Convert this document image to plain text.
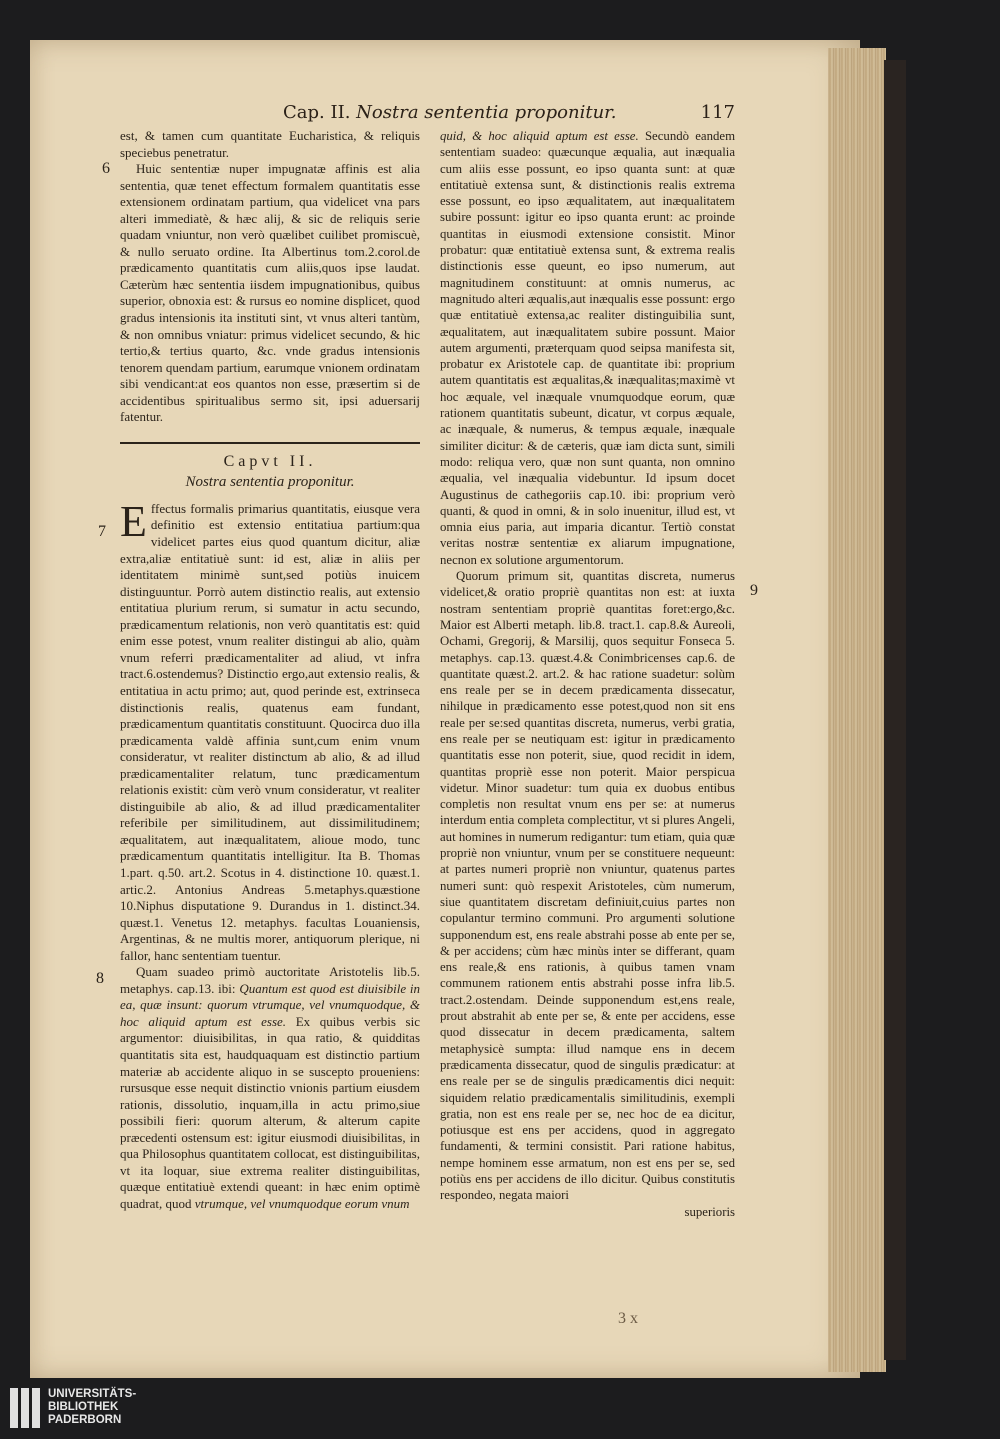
Cap. II. Nostra sententia proponitur.	117
6
7
8
9

est, & tamen cum quantitate Eucharistica, & reliquis speciebus penetratur.

Huic sententiæ nuper impugnatæ affinis est alia sententia, quæ tenet effectum formalem quantitatis esse extensionem ordinatam partium, qua videlicet vna pars alteri immediatè, & hæc alij, & sic de reliquis serie quadam vniuntur, non verò quælibet cuilibet promiscuè, & nullo seruato ordine. Ita Albertinus tom.2.corol.de prædicamento quantitatis cum aliis,quos ipse laudat. Cæterùm hæc sententia iisdem impugnationibus, quibus superior, obnoxia est: & rursus eo nomine displicet, quod gradus intensionis ita instituti sint, vt vnus alteri tantùm, & non omnibus vniatur: primus videlicet secundo, & hic tertio,& tertius quarto, &c. vnde gradus intensionis tenorem quendam partium, earumque vnionem ordinatam sibi vendicant:at eos quantos non esse, præsertim si de accidentibus spiritualibus sermo sit, ipsi aduersarij fatentur.

Capvt II.
Nostra sententia proponitur.

Effectus formalis primarius quantitatis, eiusque vera definitio est extensio entitatiua partium:qua videlicet partes eius quod quantum dicitur, aliæ extra,aliæ entitatiuè sunt: id est, aliæ in aliis per identitatem minimè sunt,sed potiùs inuicem distinguuntur. Porrò autem distinctio realis, aut extensio entitatiua plurium rerum, si sumatur in actu secundo, prædicamentum relationis, non verò quantitatis est: quid enim esse potest, vnum realiter distingui ab alio, quàm vnum referri prædicamentaliter ad aliud, vt infra tract.6.ostendemus? Distinctio ergo,aut extensio realis, & entitatiua in actu primo; aut, quod perinde est, extrinseca distinctionis realis, quatenus eam fundant, prædicamentum quantitatis constituunt. Quocirca duo illa prædicamenta valdè affinia sunt,cum enim vnum consideratur, vt realiter distinctum ab alio, & ad illud prædicamentaliter relatum, tunc prædicamentum relationis existit: cùm verò vnum consideratur, vt realiter distinguibile ab alio, & ad illud prædicamentaliter referibile per similitudinem, aut dissimilitudinem; æqualitatem, aut inæqualitatem, alioue modo, tunc prædicamentum quantitatis intelligitur. Ita B. Thomas 1.part. q.50. art.2. Scotus in 4. distinctione 10. quæst.1. artic.2. Antonius Andreas 5.metaphys.quæstione 10.Niphus disputatione 9. Durandus in 1. distinct.34. quæst.1. Venetus 12. metaphys. facultas Louaniensis, Argentinas, & ne multis morer, antiquorum plerique, ni fallor, hanc sententiam tuentur.

Quam suadeo primò auctoritate Aristotelis lib.5. metaphys. cap.13. ibi: Quantum est quod est diuisibile in ea, quæ insunt: quorum vtrumque, vel vnumquodque, & hoc aliquid aptum est esse. Ex quibus verbis sic argumentor: diuisibilitas, in qua ratio, & quidditas quantitatis sita est, haudquaquam est distinctio partium materiæ ab accidente aliquo in se suscepto proueniens: rursusque esse nequit distinctio vnionis partium eiusdem rationis, dissolutio, inquam,illa in actu primo,siue possibili fieri: quorum alterum, & alterum capite præcedenti ostensum est: igitur eiusmodi diuisibilitas, in qua Philosophus quantitatem collocat, est distinguibilitas, vt ita loquar, siue extrema realiter distinguibilitas, quæque entitatiuè extendi queant: in hæc enim optimè quadrat, quod vtrumque, vel vnumquodque eorum vnum

quid, & hoc aliquid aptum est esse. Secundò eandem sententiam suadeo: quæcunque æqualia, aut inæqualia cum aliis esse possunt, eo ipso quanta sunt: at quæ entitatiuè extensa sunt, & distinctionis realis extrema esse possunt, eo ipso æqualitatem, aut inæqualitatem subire possunt: igitur eo ipso quanta erunt: ac proinde quantitas in eiusmodi extensione consistit. Minor probatur: quæ entitatiuè extensa sunt, & extrema realis distinctionis esse queunt, eo ipso numerum, aut magnitudinem constituunt: at omnis numerus, ac magnitudo alteri æqualis,aut inæqualis esse possunt: ergo quæ entitatiuè extensa,ac realiter distinguibilia sunt, æqualitatem, aut inæqualitatem subire possunt. Maior autem argumenti, præterquam quod seipsa manifesta sit, probatur ex Aristotele cap. de quantitate ibi: proprium autem quantitatis est æqualitas,& inæqualitas;maximè vt hoc æquale, vel inæquale vnumquodque eorum, quæ rationem quantitatis subeunt, dicatur, vt corpus æquale, ac inæquale, & numerus, & tempus æquale, inæquale similiter dicitur: & de cæteris, quæ iam dicta sunt, simili modo: reliqua vero, quæ non sunt quanta, non omnino æqualia, vel inæqualia videbuntur. Id ipsum docet Augustinus de cathegoriis cap.10. ibi: proprium verò quanti, & quod in omni, & in solo inuenitur, illud est, vt omnia eius paria, aut imparia dicantur. Tertiò constat veritas nostræ sententiæ ex aliarum impugnatione, necnon ex solutione argumentorum.

Quorum primum sit, quantitas discreta, numerus videlicet,& oratio propriè quantitas non est: at iuxta nostram sententiam propriè quantitas foret:ergo,&c. Maior est Alberti metaph. lib.8. tract.1. cap.8.& Aureoli, Ochami, Gregorij, & Marsilij, quos sequitur Fonseca 5. metaphys. cap.13. quæst.4.& Conimbricenses cap.6. de quantitate quæst.2. art.2. & hac ratione suadetur: solùm ens reale per se in decem prædicamenta dissecatur, nihilque in prædicamento esse potest,quod non sit ens reale per se:sed quantitas discreta, numerus, verbi gratia, ens reale per se neutiquam est: igitur in prædicamento quantitatis esse non poterit, siue, quod recidit in idem, quantitas propriè esse non poterit. Maior perspicua videtur. Minor suadetur: tum quia ex duobus entibus completis non resultat vnum ens per se: at numerus interdum entia completa complectitur, vt si plures Angeli, aut homines in numerum redigantur: tum etiam, quia quæ propriè non vniuntur, vnum per se constituere nequeunt: at partes numeri propriè non vniuntur, quatenus partes numeri sunt: quò respexit Aristoteles, cùm numerum, siue quantitatem discretam definiuit,cuius partes non copulantur termino communi. Pro argumenti solutione supponendum est, ens reale abstrahi posse ab ente per se, & per accidens; cùm hæc minùs inter se differant, quam ens reale,& ens rationis, à quibus tamen vnam communem rationem entis abstrahi posse infra lib.5. tract.2.ostendam. Deinde supponendum est,ens reale, prout abstrahit ab ente per se, & ente per accidens, esse quod dissecatur in decem prædicamenta, saltem metaphysicè sumpta: illud namque ens in decem prædicamenta dissecatur, quod de singulis prædicatur: at ens reale per se de singulis prædicamentis dici nequit: siquidem relatio prædicamentalis similitudinis, exempli gratia, non est ens reale per se, nec hoc de ea dicitur, potiusque est ens per accidens, quod in aggregato fundamenti, & termini consistit. Pari ratione habitus, nempe hominem esse armatum, non est ens per se, sed potiùs ens per accidens de illo dicitur. Quibus constitutis respondeo, negata maiori

superioris
3 x
UNIVERSITÄTS-
BIBLIOTHEK
PADERBORN
